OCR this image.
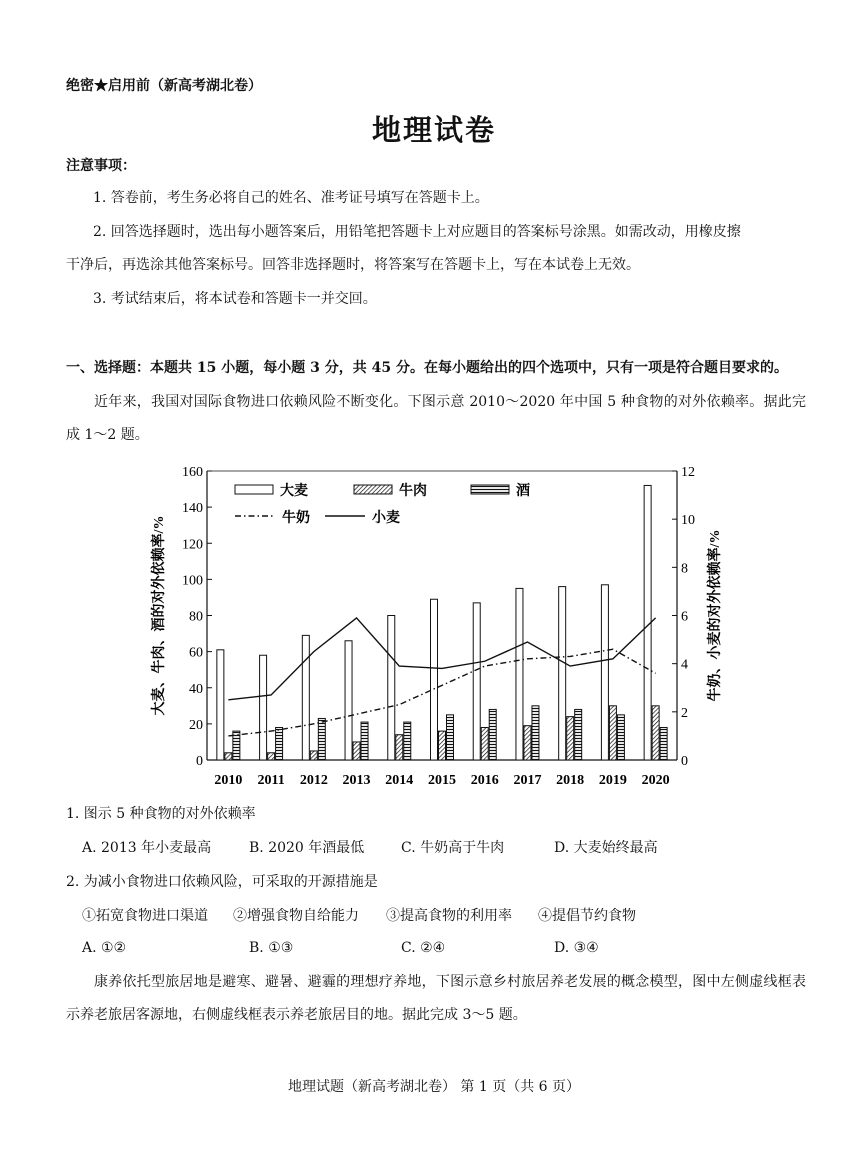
绝密★启用前（新高考湖北卷）
地理试卷
注意事项：
1. 答卷前，考生务必将自己的姓名、准考证号填写在答题卡上。
2. 回答选择题时，选出每小题答案后，用铅笔把答题卡上对应题目的答案标号涂黑。如需改动，用橡皮擦
干净后，再选涂其他答案标号。回答非选择题时，将答案写在答题卡上，写在本试卷上无效。
3. 考试结束后，将本试卷和答题卡一并交回。
一、选择题：本题共 15 小题，每小题 3 分，共 45 分。在每小题给出的四个选项中，只有一项是符合题目要求的。
近年来，我国对国际食物进口依赖风险不断变化。下图示意 2010～2020 年中国 5 种食物的对外依赖率。据此完成 1～2 题。
0
20
40
60
80
100
120
140
160
0
2
4
6
8
10
12
2010 2011 2012 2013 2014 2015 2016 2017 2018 2019 2020
大麦、牛肉、酒的对外依赖率/%	牛奶、小麦的对外依赖率/%
大麦	牛肉	酒
牛奶	小麦
1. 图示 5 种食物的对外依赖率
A. 2013 年小麦最高	B. 2020 年酒最低	C. 牛奶高于牛肉	D. 大麦始终最高
2. 为减小食物进口依赖风险，可采取的开源措施是
①拓宽食物进口渠道 ②增强食物自给能力 ③提高食物的利用率 ④提倡节约食物
A. ①②	B. ①③	C. ②④	D. ③④
康养依托型旅居地是避寒、避暑、避霾的理想疗养地，下图示意乡村旅居养老发展的概念模型，图中左侧虚线框表示养老旅居客源地，右侧虚线框表示养老旅居目的地。据此完成 3～5 题。
地理试题（新高考湖北卷） 第 1 页（共 6 页）
